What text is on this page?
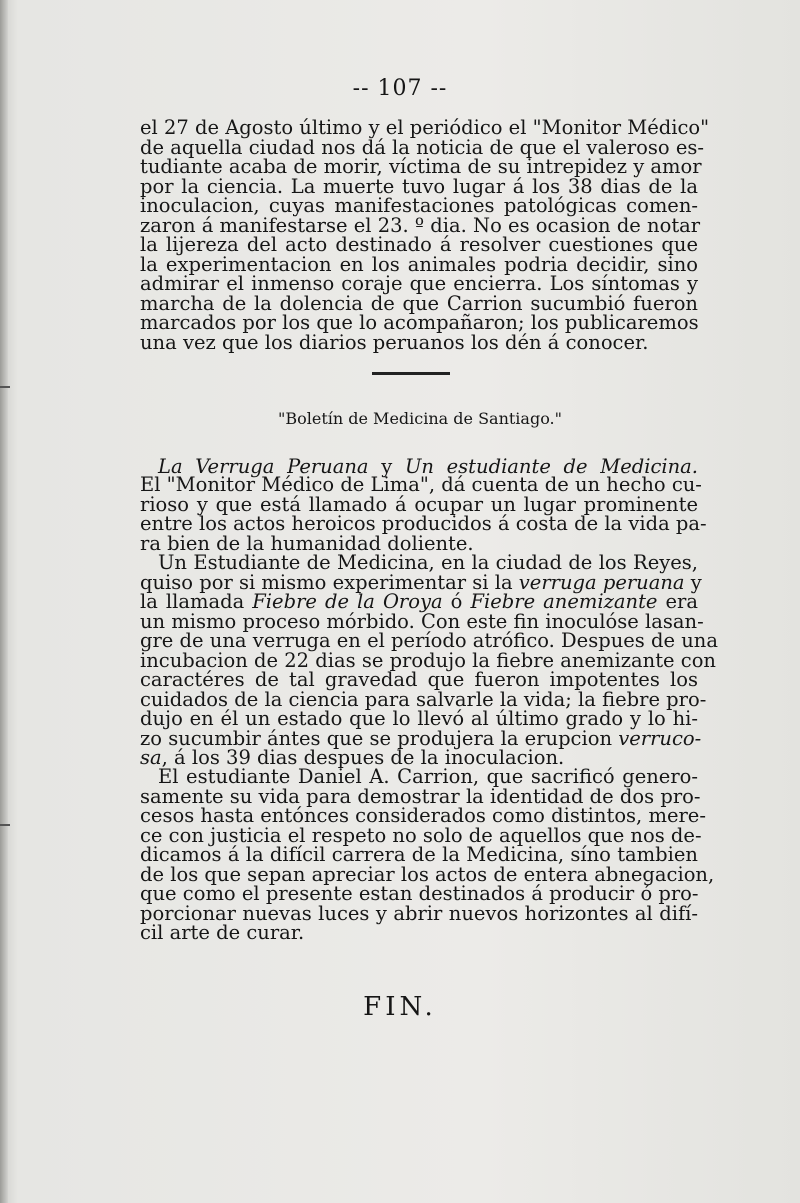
-- 107 --
el 27 de Agosto último y el periódico el "Monitor Médico"
de aquella ciudad nos dá la noticia de que el valeroso es-
tudiante acaba de morir, víctima de su intrepidez y amor
por la ciencia. La muerte tuvo lugar á los 38 dias de la
inoculacion, cuyas manifestaciones patológicas comen-
zaron á manifestarse el 23. º dia. No es ocasion de notar
la lijereza del acto destinado á resolver cuestiones que
la experimentacion en los animales podria decidir, sino
admirar el inmenso coraje que encierra. Los síntomas y
marcha de la dolencia de que Carrion sucumbió fueron
marcados por los que lo acompañaron; los publicaremos
una vez que los diarios peruanos los dén á conocer.
"Boletín de Medicina de Santiago."
La Verruga Peruana y Un estudiante de Medicina.
El "Monitor Médico de Lima", dá cuenta de un hecho cu-
rioso y que está llamado á ocupar un lugar prominente
entre los actos heroicos producidos á costa de la vida pa-
ra bien de la humanidad doliente.
Un Estudiante de Medicina, en la ciudad de los Reyes,
quiso por si mismo experimentar si la verruga peruana y
la llamada Fiebre de la Oroya ó Fiebre anemizante era
un mismo proceso mórbido. Con este fin inoculóse lasan-
gre de una verruga en el período atrófico. Despues de una
incubacion de 22 dias se produjo la fiebre anemizante con
caractéres de tal gravedad que fueron impotentes los
cuidados de la ciencia para salvarle la vida; la fiebre pro-
dujo en él un estado que lo llevó al último grado y lo hi-
zo sucumbir ántes que se produjera la erupcion verruco-
sa, á los 39 dias despues de la inoculacion.
El estudiante Daniel A. Carrion, que sacrificó genero-
samente su vida para demostrar la identidad de dos pro-
cesos hasta entónces considerados como distintos, mere-
ce con justicia el respeto no solo de aquellos que nos de-
dicamos á la difícil carrera de la Medicina, síno tambien
de los que sepan apreciar los actos de entera abnegacion,
que como el presente estan destinados á producir ó pro-
porcionar nuevas luces y abrir nuevos horizontes al difí-
cil arte de curar.
FIN.
